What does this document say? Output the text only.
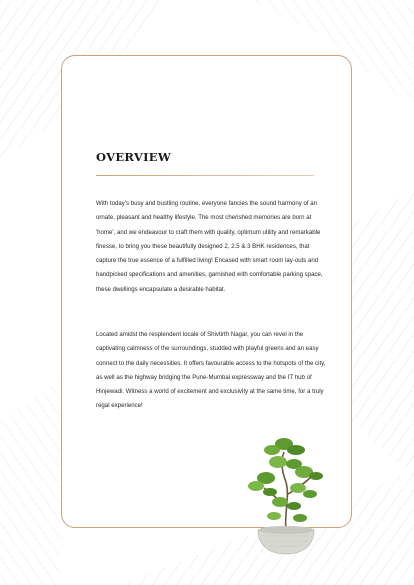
OVERVIEW

With today's busy and bustling routine, everyone fancies the sound harmony of an ornate, pleasant and healthy lifestyle. The most cherished memories are born at 'home', and we endeavour to craft them with quality, optimum utility and remarkable finesse, to bring you these beautifully designed 2, 2.5 & 3 BHK residences, that capture the true essence of a fulfilled living! Encased with smart room lay-outs and handpicked specifications and amenities, garnished with comfortable parking space, these dwellings encapsulate a desirable habitat.

Located amidst the resplendent locale of Shivtirth Nagar, you can revel in the captivating calmness of the surroundings, studded with playful greens and an easy connect to the daily necessities. It offers favourable access to the hotspots of the city, as well as the highway bridging the Pune-Mumbai expressway and the IT hub of Hinjewadi. Witness a world of excitement and exclusivity at the same time, for a truly regal experience!
